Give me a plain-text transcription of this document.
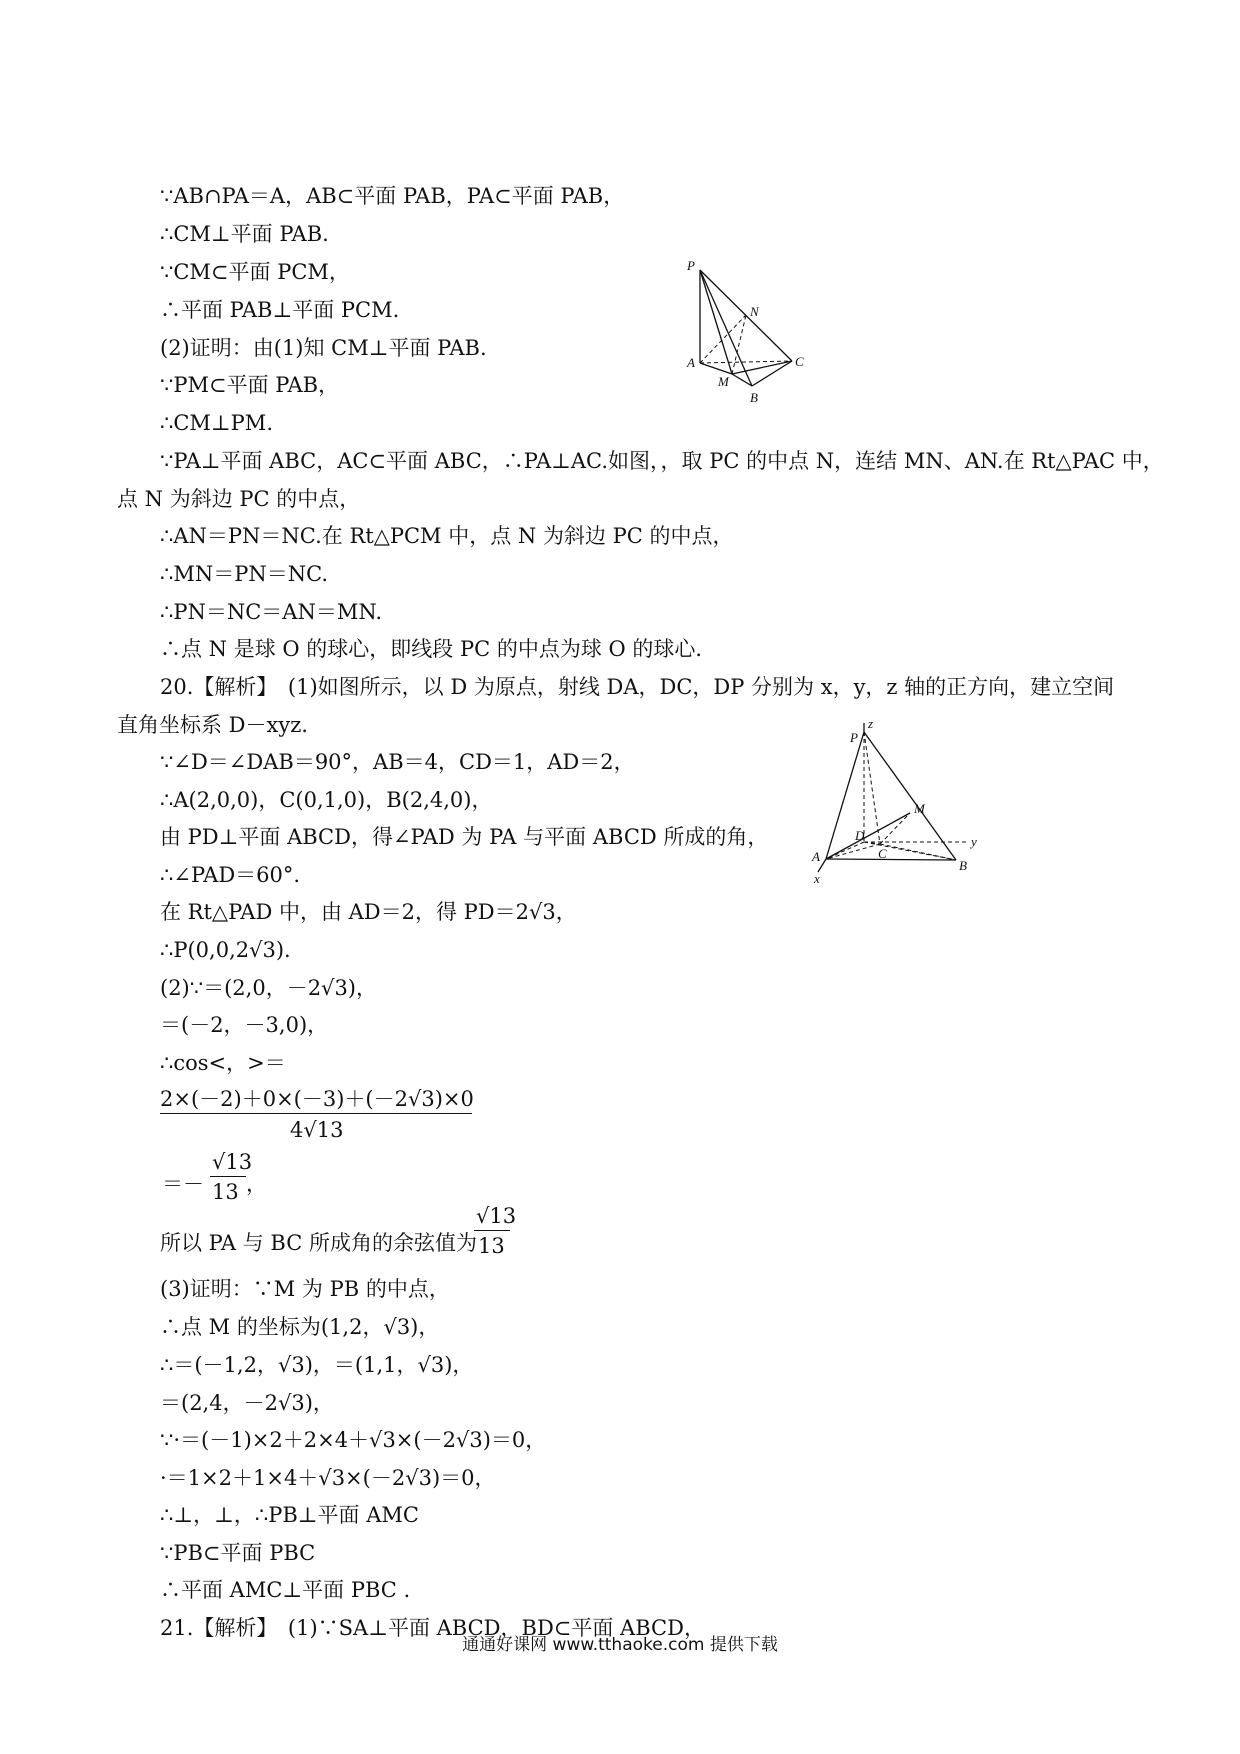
∵AB∩PA＝A，AB⊂平面 PAB，PA⊂平面 PAB，
∴CM⊥平面 PAB.
∵CM⊂平面 PCM，
∴平面 PAB⊥平面 PCM.
(2)证明：由(1)知 CM⊥平面 PAB.
∵PM⊂平面 PAB，
∴CM⊥PM.
∵PA⊥平面 ABC，AC⊂平面 ABC，∴PA⊥AC.如图，，取 PC 的中点 N，连结 MN、AN.在 Rt△PAC 中，
点 N 为斜边 PC 的中点，
∴AN＝PN＝NC.在 Rt△PCM 中，点 N 为斜边 PC 的中点，
∴MN＝PN＝NC.
∴PN＝NC＝AN＝MN.
∴点 N 是球 O 的球心，即线段 PC 的中点为球 O 的球心．
20.【解析】　(1)如图所示，以 D 为原点，射线 DA，DC，DP 分别为 x，y，z 轴的正方向，建立空间
直角坐标系 D－xyz.
∵∠D＝∠DAB＝90°，AB＝4，CD＝1，AD＝2，
∴A(2,0,0)，C(0,1,0)，B(2,4,0)，
由 PD⊥平面 ABCD，得∠PAD 为 PA 与平面 ABCD 所成的角，
∴∠PAD＝60°.
在 Rt△PAD 中，由 AD＝2，得 PD＝2√3，
∴P(0,0,2√3).
(2)∵＝(2,0，－2√3)，
＝(－2，－3,0)，
∴cos<，>＝
2×(－2)＋0×(－3)＋(－2√3)×0
4√13
＝－
√13
13 ，
所以 PA 与 BC 所成角的余弦值为
√13
13
(3)证明：∵M 为 PB 的中点，
∴点 M 的坐标为(1,2，√3)，
∴＝(－1,2，√3)，＝(1,1，√3)，
＝(2,4，－2√3)，
∵·＝(－1)×2＋2×4＋√3×(－2√3)＝0，
·＝1×2＋1×4＋√3×(－2√3)＝0，
∴⊥，⊥，∴PB⊥平面 AMC
∵PB⊂平面 PBC
∴平面 AMC⊥平面 PBC .
21.【解析】　(1)∵SA⊥平面 ABCD，BD⊂平面 ABCD，
P
N
A	C
M
B
z
P
M
D	y
A	C
B
x
通通好课网 www.tthaoke.com 提供下载
